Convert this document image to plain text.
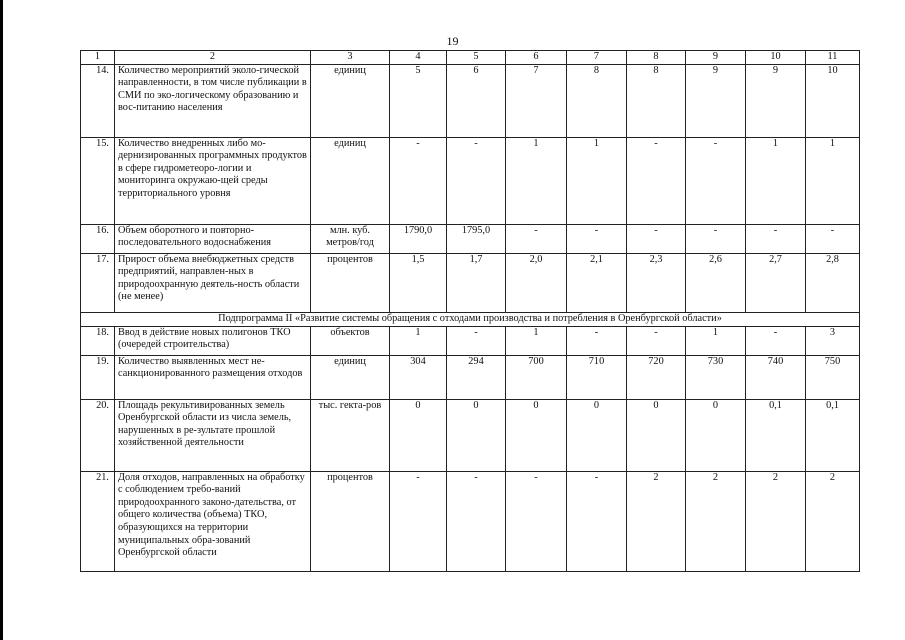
19
1	2	3	4	5	6	7	8	9	10	11
14.	Количество мероприятий эколо-гической направленности, в том числе публикации в СМИ по эко-логическому образованию и вос-питанию населения	единиц	5	6	7	8	8	9	9	10
15.	Количество внедренных либо мо-дернизированных программных продуктов в сфере гидрометеоро-логии и мониторинга окружаю-щей среды территориального уровня	единиц	-	-	1	1	-	-	1	1
16.	Объем оборотного и повторно-последовательного водоснабжения	млн. куб. метров/год	1790,0	1795,0	-	-	-	-	-	-
17.	Прирост объема внебюджетных средств предприятий, направлен-ных в природоохранную деятель-ность области (не менее)	процентов	1,5	1,7	2,0	2,1	2,3	2,6	2,7	2,8
Подпрограмма II «Развитие системы обращения с отходами производства и потребления в Оренбургской области»										
18.	Ввод в действие новых полигонов ТКО (очередей строительства)	объектов	1	-	1	-	-	1	-	3
19.	Количество выявленных мест не-санкционированного размещения отходов	единиц	304	294	700	710	720	730	740	750
20.	Площадь рекультивированных земель Оренбургской области из числа земель, нарушенных в ре-зультате прошлой хозяйственной деятельности	тыс. гекта-ров	0	0	0	0	0	0	0,1	0,1
21.	Доля отходов, направленных на обработку с соблюдением требо-ваний природоохранного законо-дательства, от общего количества (объема) ТКО, образующихся на территории муниципальных обра-зований Оренбургской области	процентов	-	-	-	-	2	2	2	2
